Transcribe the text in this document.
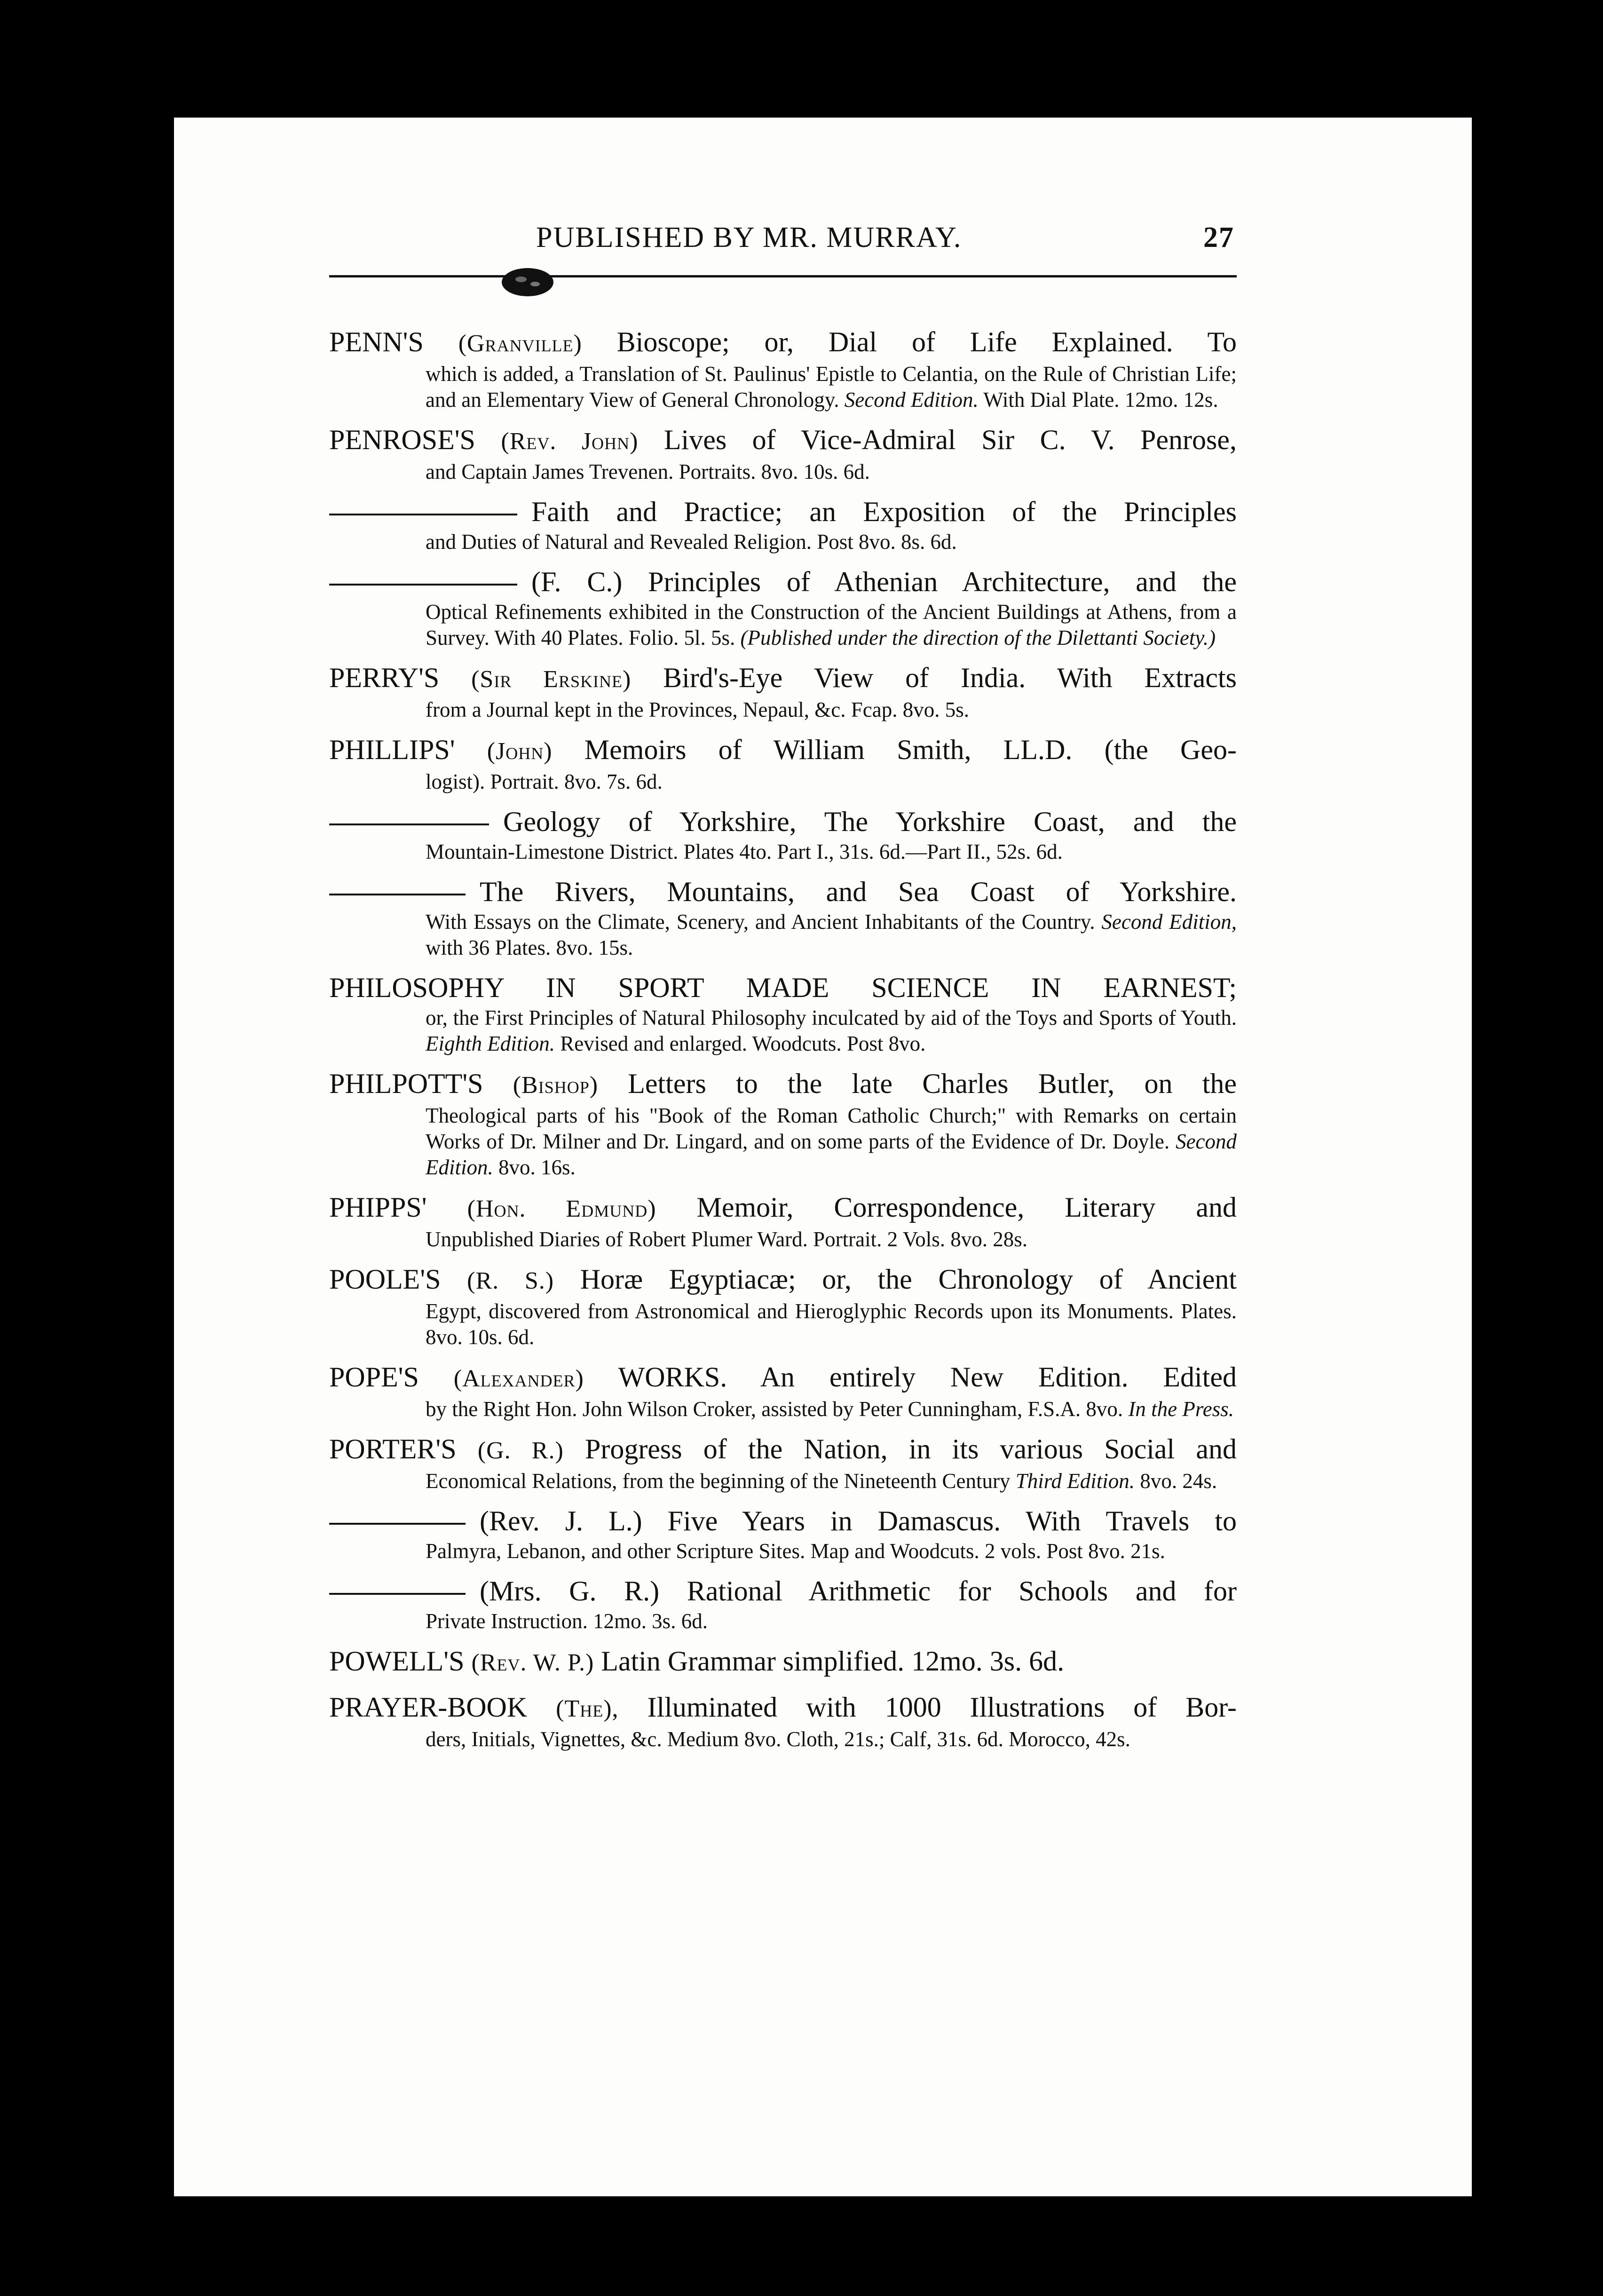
PUBLISHED BY MR. MURRAY.	27
PENN'S (Granville) Bioscope; or, Dial of Life Explained. To
which is added, a Translation of St. Paulinus' Epistle to Celantia, on the Rule of Christian Life; and an Elementary View of General Chronology. Second Edition. With Dial Plate. 12mo. 12s.
PENROSE'S (Rev. John) Lives of Vice-Admiral Sir C. V. Penrose,
and Captain James Trevenen. Portraits. 8vo. 10s. 6d.
Faith and Practice; an Exposition of the Principles
and Duties of Natural and Revealed Religion. Post 8vo. 8s. 6d.
(F. C.) Principles of Athenian Architecture, and the
Optical Refinements exhibited in the Construction of the Ancient Buildings at Athens, from a Survey. With 40 Plates. Folio. 5l. 5s. (Published under the direction of the Dilettanti Society.)
PERRY'S (Sir Erskine) Bird's-Eye View of India. With Extracts
from a Journal kept in the Provinces, Nepaul, &c. Fcap. 8vo. 5s.
PHILLIPS' (John) Memoirs of William Smith, LL.D. (the Geo-
logist). Portrait. 8vo. 7s. 6d.
Geology of Yorkshire, The Yorkshire Coast, and the
Mountain-Limestone District. Plates 4to. Part I., 31s. 6d.—Part II., 52s. 6d.
The Rivers, Mountains, and Sea Coast of Yorkshire.
With Essays on the Climate, Scenery, and Ancient Inhabitants of the Country. Second Edition, with 36 Plates. 8vo. 15s.
PHILOSOPHY IN SPORT MADE SCIENCE IN EARNEST;
or, the First Principles of Natural Philosophy inculcated by aid of the Toys and Sports of Youth. Eighth Edition. Revised and enlarged. Woodcuts. Post 8vo.
PHILPOTT'S (Bishop) Letters to the late Charles Butler, on the
Theological parts of his "Book of the Roman Catholic Church;" with Remarks on certain Works of Dr. Milner and Dr. Lingard, and on some parts of the Evidence of Dr. Doyle. Second Edition. 8vo. 16s.
PHIPPS' (Hon. Edmund) Memoir, Correspondence, Literary and
Unpublished Diaries of Robert Plumer Ward. Portrait. 2 Vols. 8vo. 28s.
POOLE'S (R. S.) Horæ Egyptiacæ; or, the Chronology of Ancient
Egypt, discovered from Astronomical and Hieroglyphic Records upon its Monuments. Plates. 8vo. 10s. 6d.
POPE'S (Alexander) WORKS. An entirely New Edition. Edited
by the Right Hon. John Wilson Croker, assisted by Peter Cunningham, F.S.A. 8vo. In the Press.
PORTER'S (G. R.) Progress of the Nation, in its various Social and
Economical Relations, from the beginning of the Nineteenth Century Third Edition. 8vo. 24s.
(Rev. J. L.) Five Years in Damascus. With Travels to
Palmyra, Lebanon, and other Scripture Sites. Map and Woodcuts. 2 vols. Post 8vo. 21s.
(Mrs. G. R.) Rational Arithmetic for Schools and for
Private Instruction. 12mo. 3s. 6d.
POWELL'S (Rev. W. P.) Latin Grammar simplified. 12mo. 3s. 6d.
PRAYER-BOOK (The), Illuminated with 1000 Illustrations of Bor-
ders, Initials, Vignettes, &c. Medium 8vo. Cloth, 21s.; Calf, 31s. 6d. Morocco, 42s.
